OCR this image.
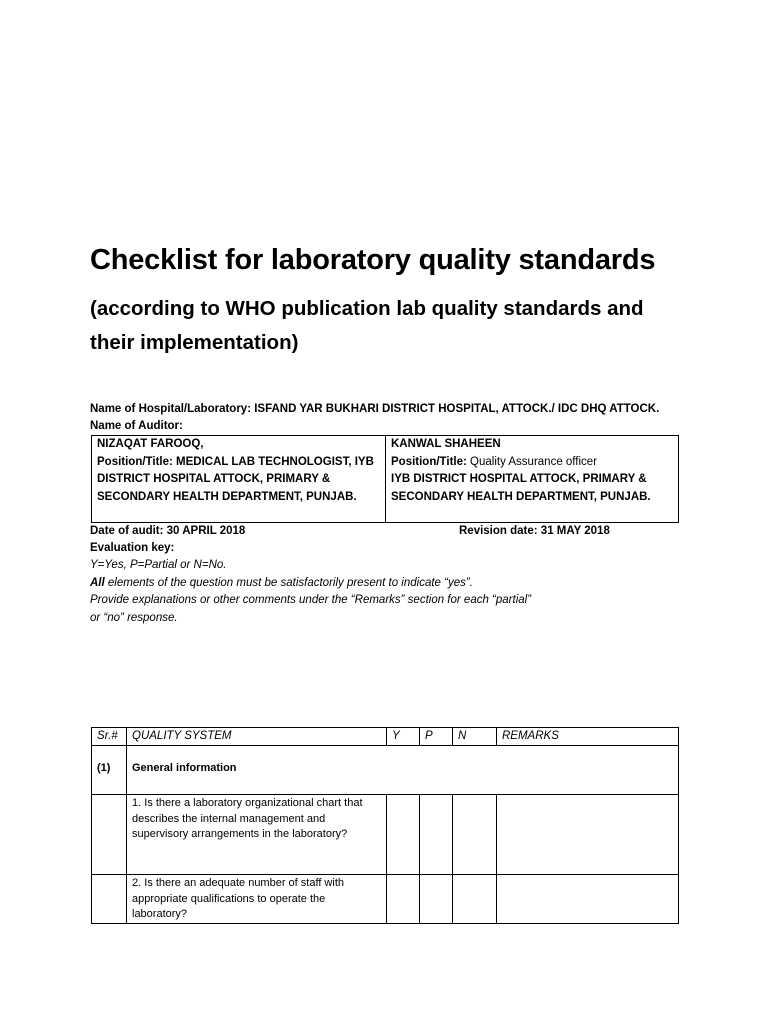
Checklist for laboratory quality standards
(according to WHO publication lab quality standards and their implementation)
Name of Hospital/Laboratory: ISFAND YAR BUKHARI DISTRICT HOSPITAL, ATTOCK./ IDC DHQ ATTOCK.
Name of Auditor:
NIZAQAT FAROOQ,
Position/Title: MEDICAL LAB TECHNOLOGIST, IYB
DISTRICT HOSPITAL ATTOCK, PRIMARY &
SECONDARY HEALTH DEPARTMENT, PUNJAB.

KANWAL SHAHEEN
Position/Title: Quality Assurance officer
IYB DISTRICT HOSPITAL ATTOCK, PRIMARY &
SECONDARY HEALTH DEPARTMENT, PUNJAB.
Date of audit: 30 APRIL 2018	Revision date: 31 MAY 2018
Evaluation key:
Y=Yes, P=Partial or N=No.
All elements of the question must be satisfactorily present to indicate “yes”.
Provide explanations or other comments under the “Remarks” section for each “partial” or “no” response.
Sr.#	QUALITY SYSTEM	Y	P	N	REMARKS
(1)	General information				

	1. Is there a laboratory organizational chart that describes the internal management and supervisory arrangements in the laboratory?				

	2. Is there an adequate number of staff with appropriate qualifications to operate the laboratory?				
